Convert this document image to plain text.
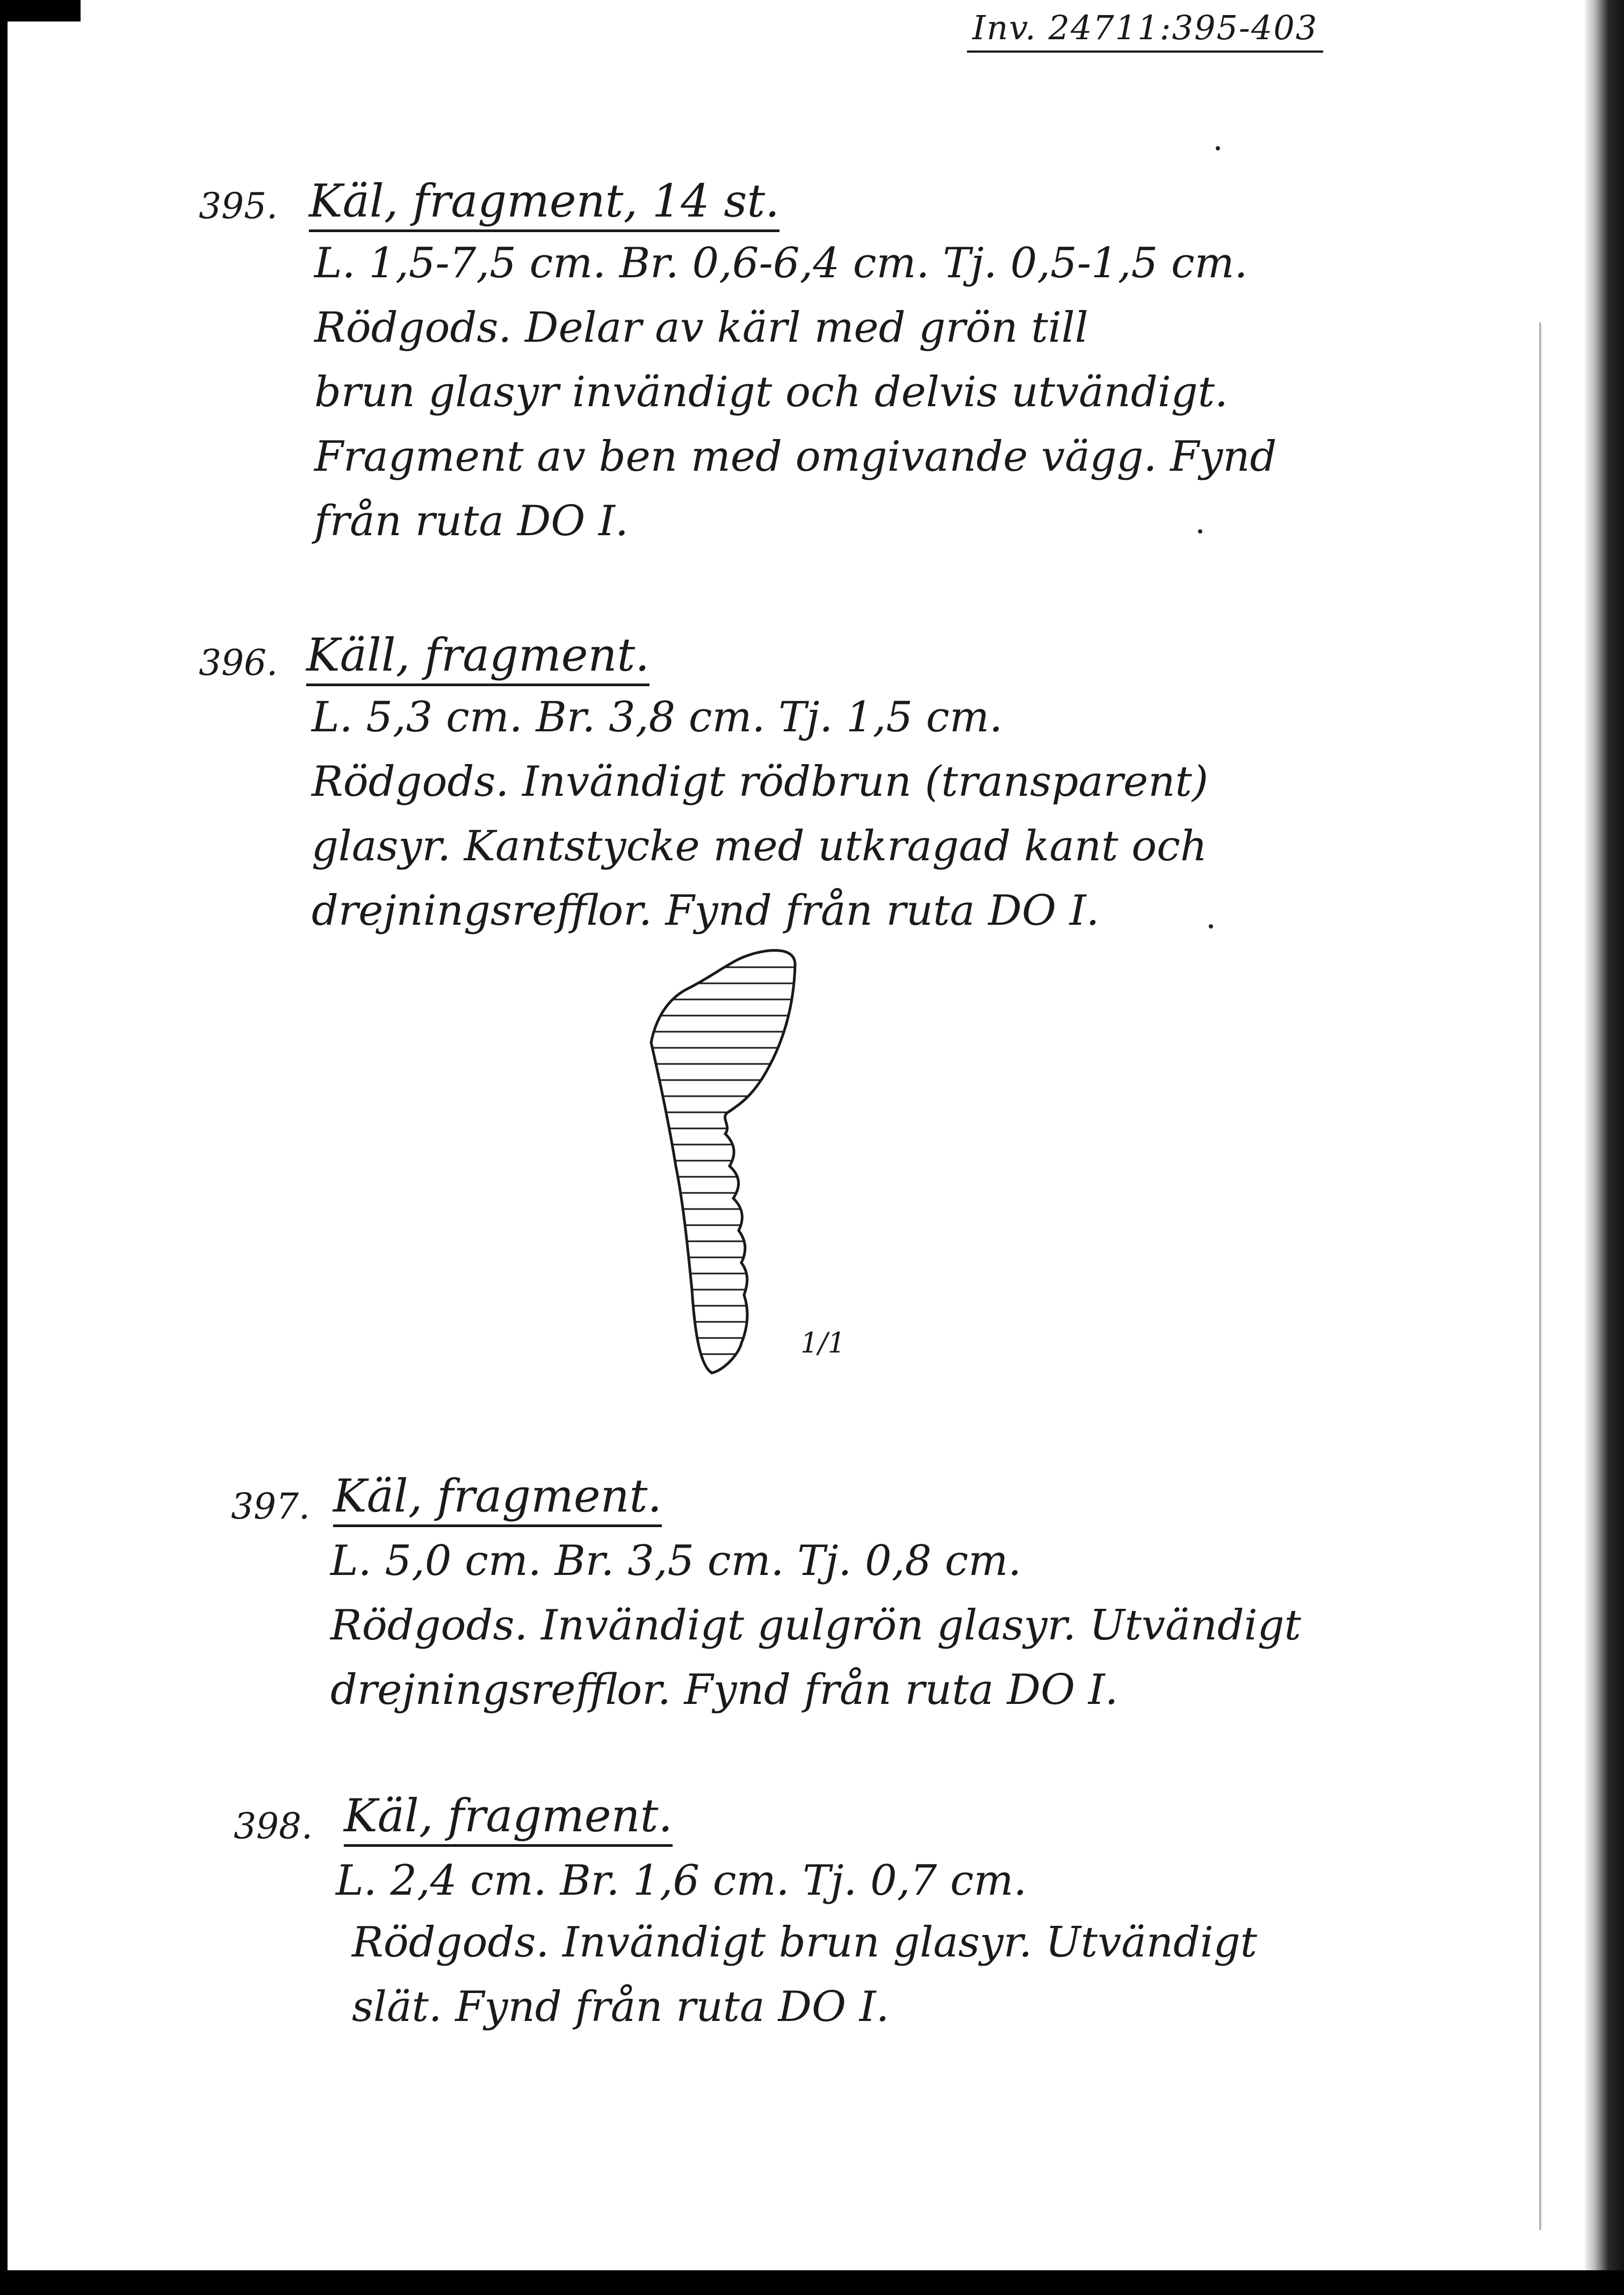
Inv. 24711:395-403
395. Käl, fragment, 14 st.
L. 1,5-7,5 cm. Br. 0,6-6,4 cm. Tj. 0,5-1,5 cm.
Rödgods. Delar av kärl med grön till
brun glasyr invändigt och delvis utvändigt.
Fragment av ben med omgivande vägg. Fynd
från ruta DO I.
396. Käll, fragment.
L. 5,3 cm. Br. 3,8 cm. Tj. 1,5 cm.
Rödgods. Invändigt rödbrun (transparent)
glasyr. Kantstycke med utkragad kant och
drejningsrefflor. Fynd från ruta DO I.
1/1
397. Käl, fragment.
L. 5,0 cm. Br. 3,5 cm. Tj. 0,8 cm.
Rödgods. Invändigt gulgrön glasyr. Utvändigt
drejningsrefflor. Fynd från ruta DO I.
398. Käl, fragment.
L. 2,4 cm. Br. 1,6 cm. Tj. 0,7 cm.
Rödgods. Invändigt brun glasyr. Utvändigt
slät. Fynd från ruta DO I.
